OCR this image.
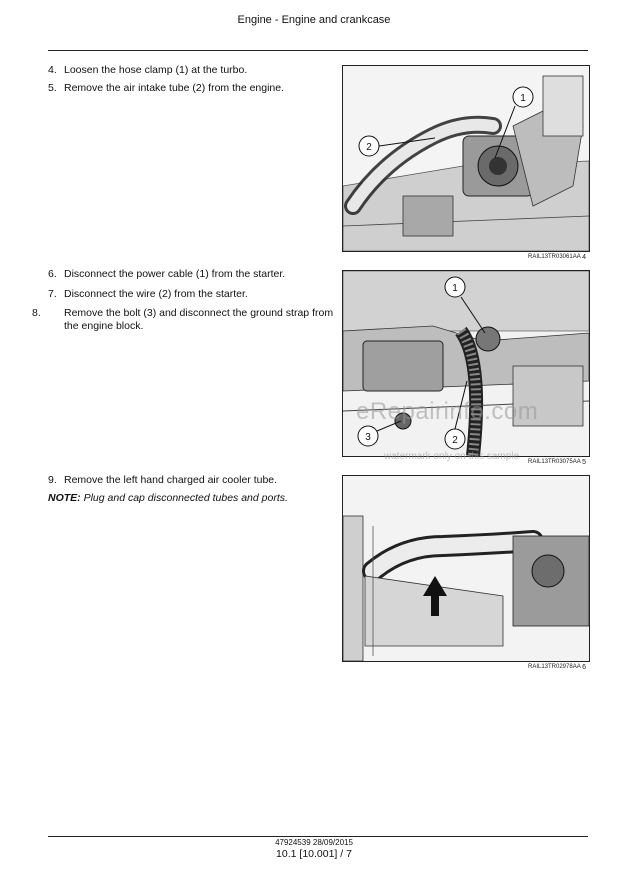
Engine - Engine and crankcase
4. Loosen the hose clamp (1) at the turbo.
5. Remove the air intake tube (2) from the engine.
1
2
RAIL13TR03061AA 4
6. Disconnect the power cable (1) from the starter.
7. Disconnect the wire (2) from the starter.
8. Remove the bolt (3) and disconnect the ground strap from the engine block.
1
2
3
RAIL13TR03075AA 5
9. Remove the left hand charged air cooler tube.
NOTE: Plug and cap disconnected tubes and ports.
RAIL13TR02978AA 6
eRepairinfo.com
watermark only on this sample
47924539 28/09/2015
10.1 [10.001] / 7
